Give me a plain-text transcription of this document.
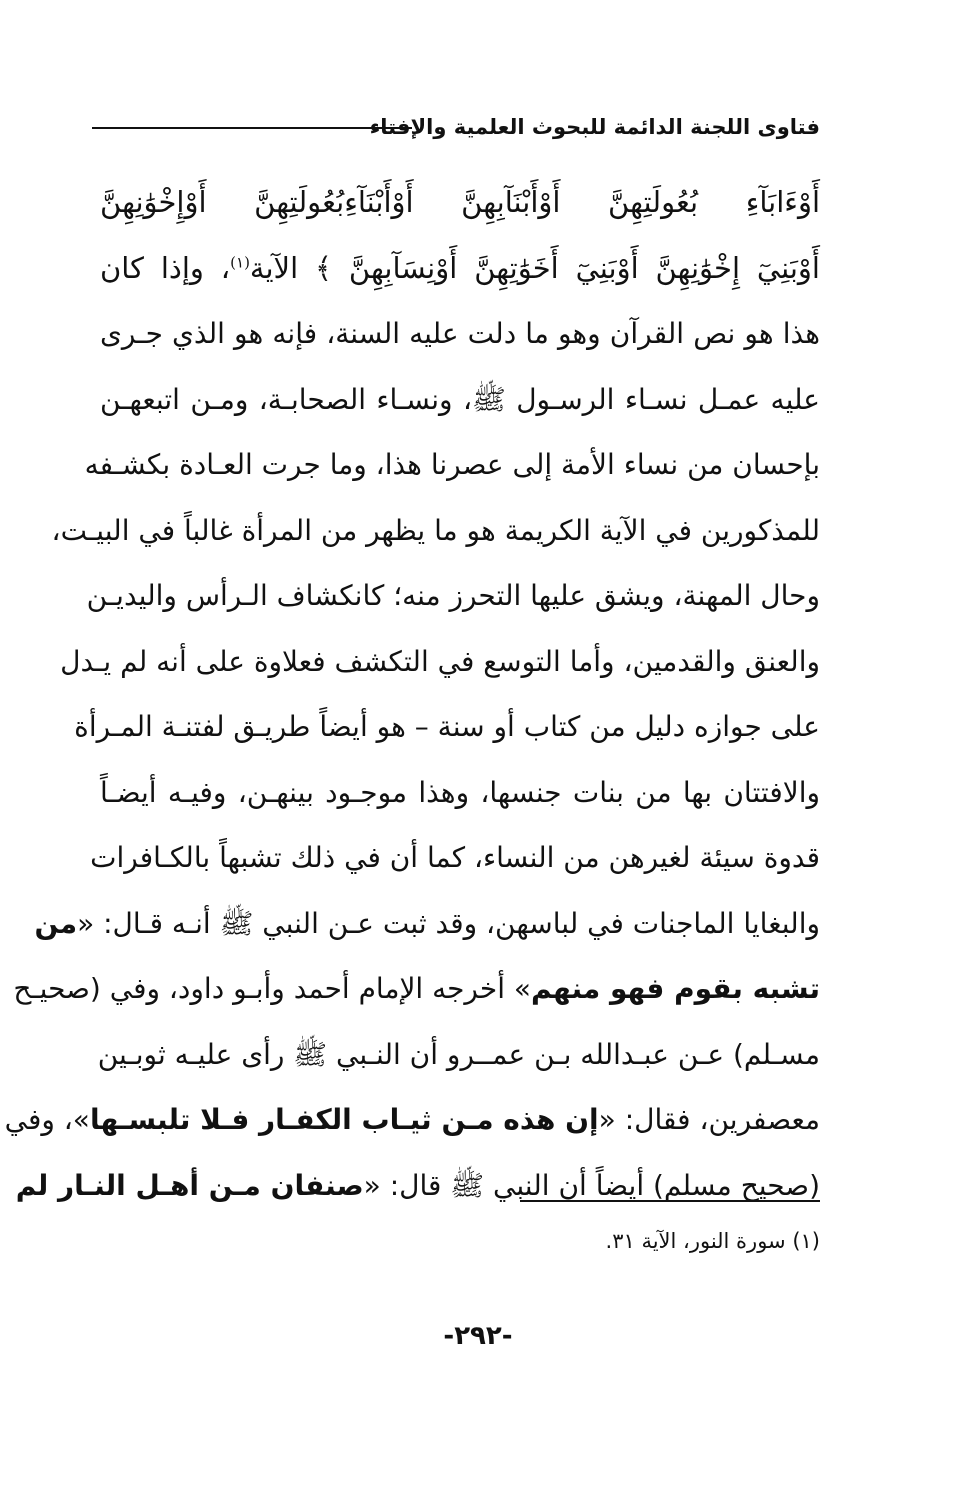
فتاوى اللجنة الدائمة للبحوث العلمية والإفتاء
أَوْءَابَآءِ بُعُولَتِهِنَّ أَوْأَبْنَآبِهِنَّ أَوْأَبْنَآءِبُعُولَتِهِنَّ أَوْإِخْوَٰنِهِنَّ
أَوْبَنِيٓ إِخْوَٰنِهِنَّ أَوْبَنِيٓ أَخَوَٰتِهِنَّ أَوْنِسَآبِهِنَّ ﴾ الآية$^{(١)}$، وإذا كان
هذا هو نص القرآن وهو ما دلت عليه السنة، فإنه هو الذي جـرى
عليه عمـل نسـاء الرسـول ﷺ، ونسـاء الصحابـة، ومـن اتبعهـن
بإحسان من نساء الأمة إلى عصرنا هذا، وما جرت العـادة بكشـفه
للمذكورين في الآية الكريمة هو ما يظهر من المرأة غالباً في البيـت،
وحال المهنة، ويشق عليها التحرز منه؛ كانكشاف الـرأس واليديـن
والعنق والقدمين، وأما التوسع في التكشف فعلاوة على أنه لم يـدل
على جوازه دليل من كتاب أو سنة – هو أيضاً طريـق لفتنـة المـرأة
والافتتان بها من بنات جنسها، وهذا موجـود بينهـن، وفيـه أيضـاً
قدوة سيئة لغيرهن من النساء، كما أن في ذلك تشبهاً بالكـافرات
والبغايا الماجنات في لباسهن، وقد ثبت عـن النبي ﷺ أنـه قـال: «من
تشبه بقوم فهو منهم» أخرجه الإمام أحمد وأبـو داود، وفي (صحيـح
مسـلم) عـن عبـدالله بـن عمــرو أن النـبي ﷺ رأى عليـه ثوبـين
معصفرين، فقال: «إن هذه مـن ثيـاب الكفـار فـلا تلبسـها»، وفي
(صحيح مسلم) أيضاً أن النبي ﷺ قال: «صنفان مـن أهـل النـار لم
(١) سورة النور، الآية ٣١.
-٢٩٢-
